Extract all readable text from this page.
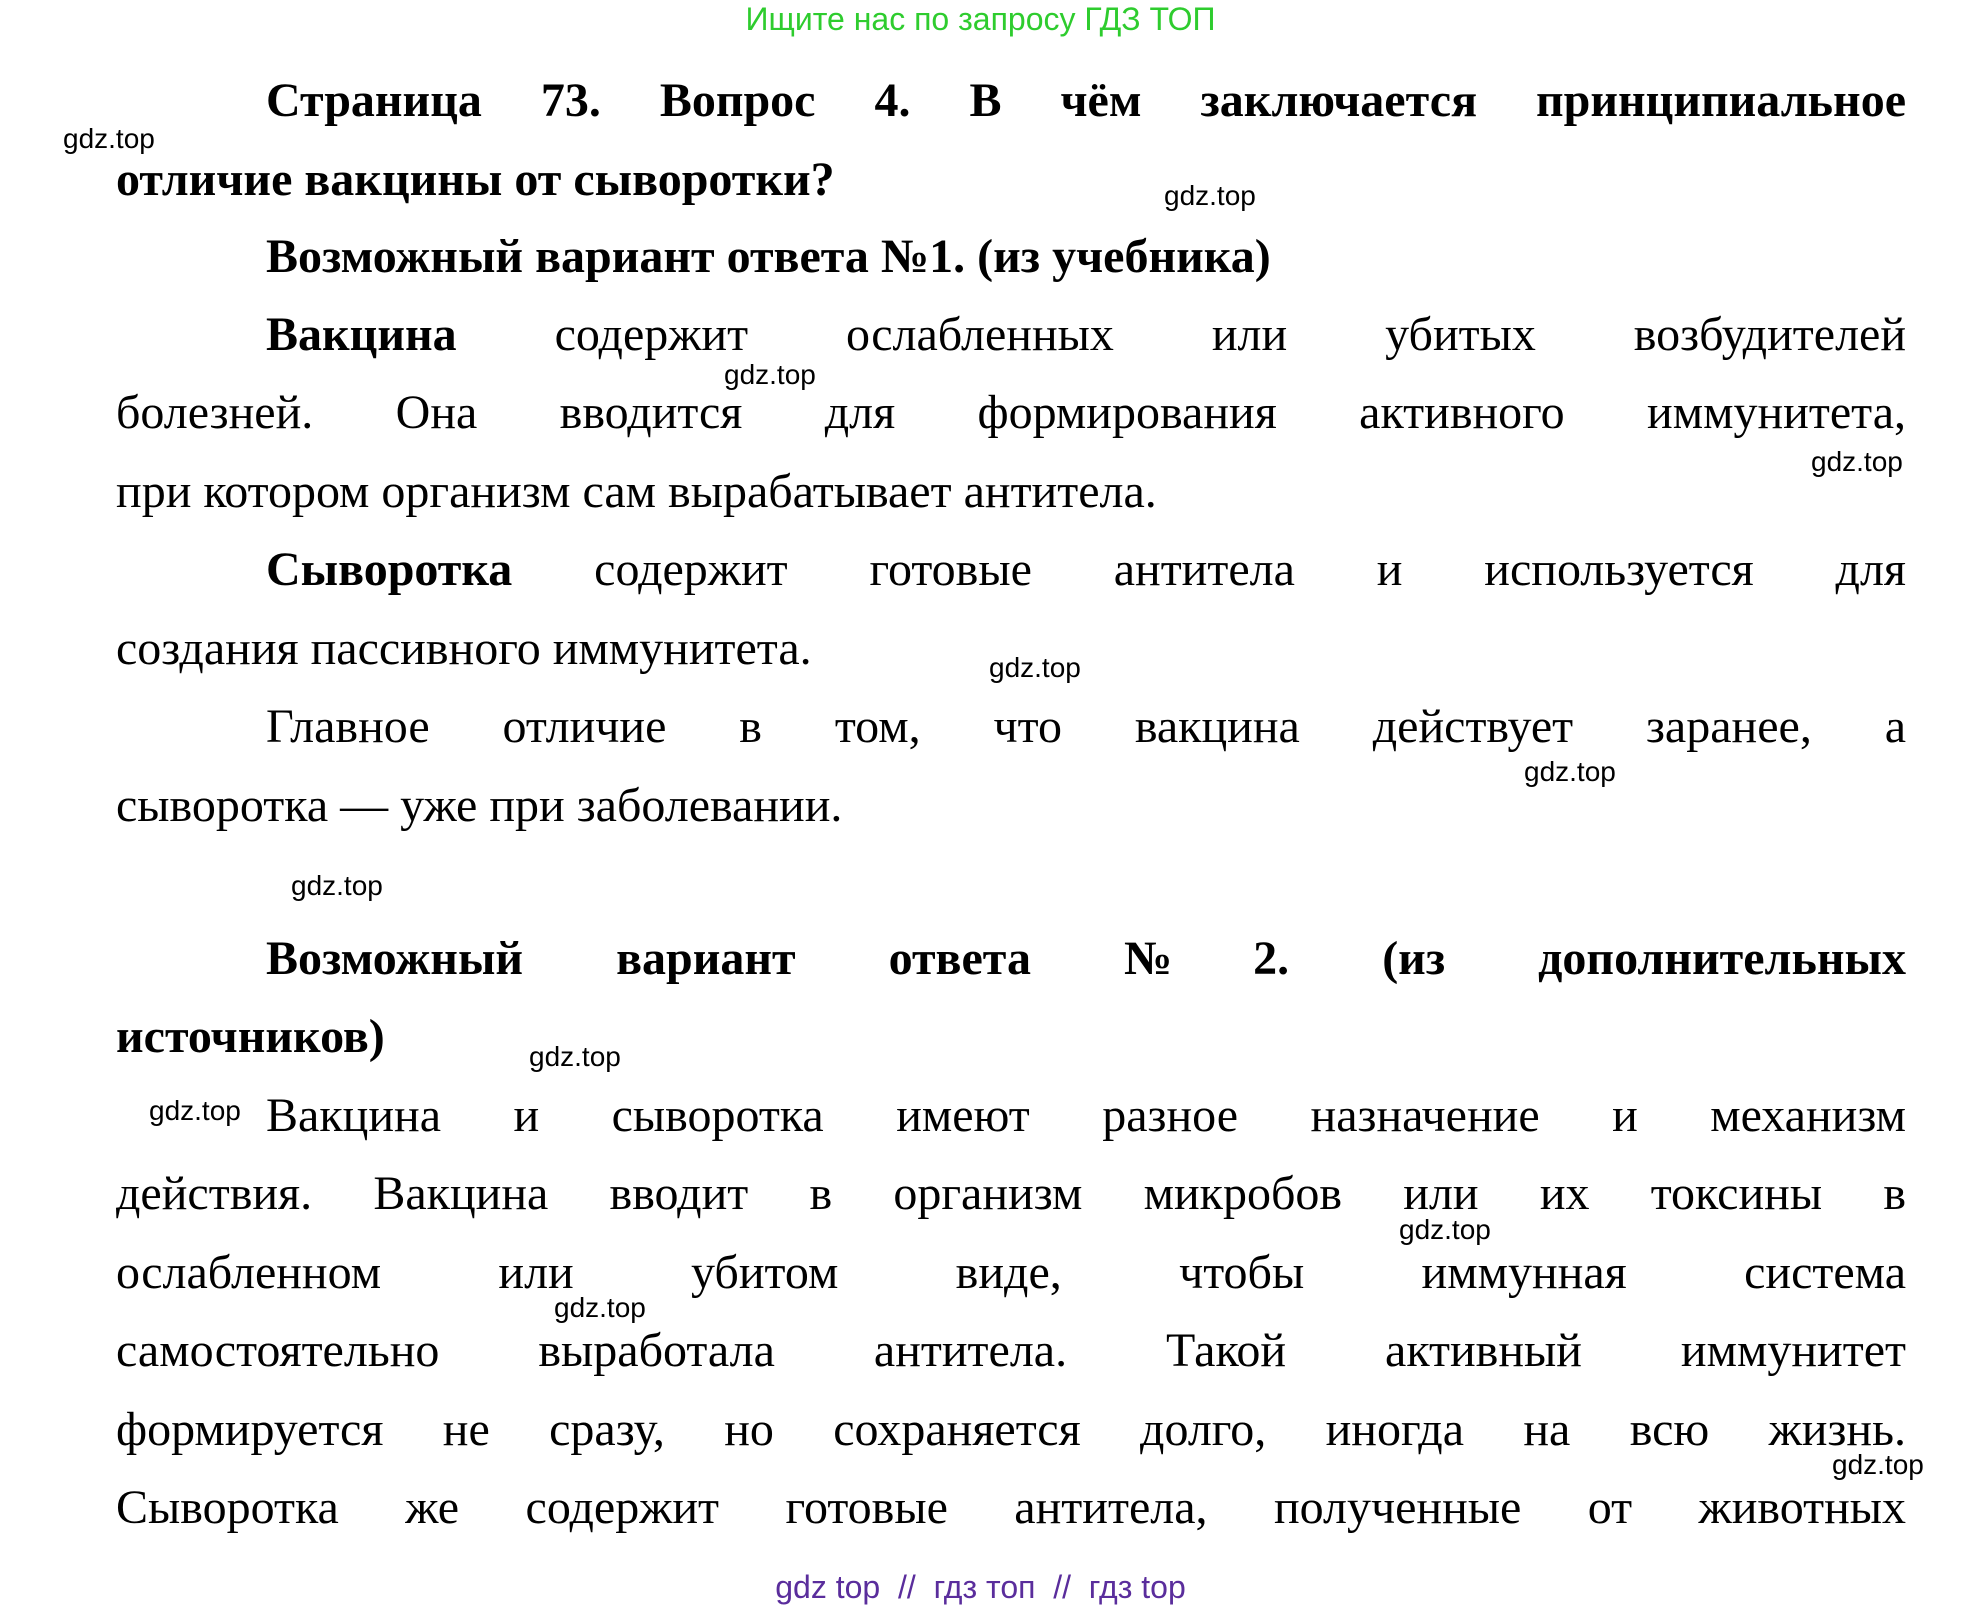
Ищите нас по запросу ГДЗ ТОП
Страница 73. Вопрос 4. В чём заключается принципиальное
отличие вакцины от сыворотки?
Возможный вариант ответа №1. (из учебника)
Вакцина содержит ослабленных или убитых возбудителей
болезней. Она вводится для формирования активного иммунитета,
при котором организм сам вырабатывает антитела.
Сыворотка содержит готовые антитела и используется для
создания пассивного иммунитета.
Главное отличие в том, что вакцина действует заранее, а
сыворотка — уже при заболевании.
Возможный вариант ответа №2. (из дополнительных
источников)
Вакцина и сыворотка имеют разное назначение и механизм
действия. Вакцина вводит в организм микробов или их токсины в
ослабленном или убитом виде, чтобы иммунная система
самостоятельно выработала антитела. Такой активный иммунитет
формируется не сразу, но сохраняется долго, иногда на всю жизнь.
Сыворотка же содержит готовые антитела, полученные от животных
gdz.top
gdz.top
gdz.top
gdz.top
gdz.top
gdz.top
gdz.top
gdz.top
gdz.top
gdz.top
gdz.top
gdz.top
gdz top  //  гдз топ  //  гдз top
